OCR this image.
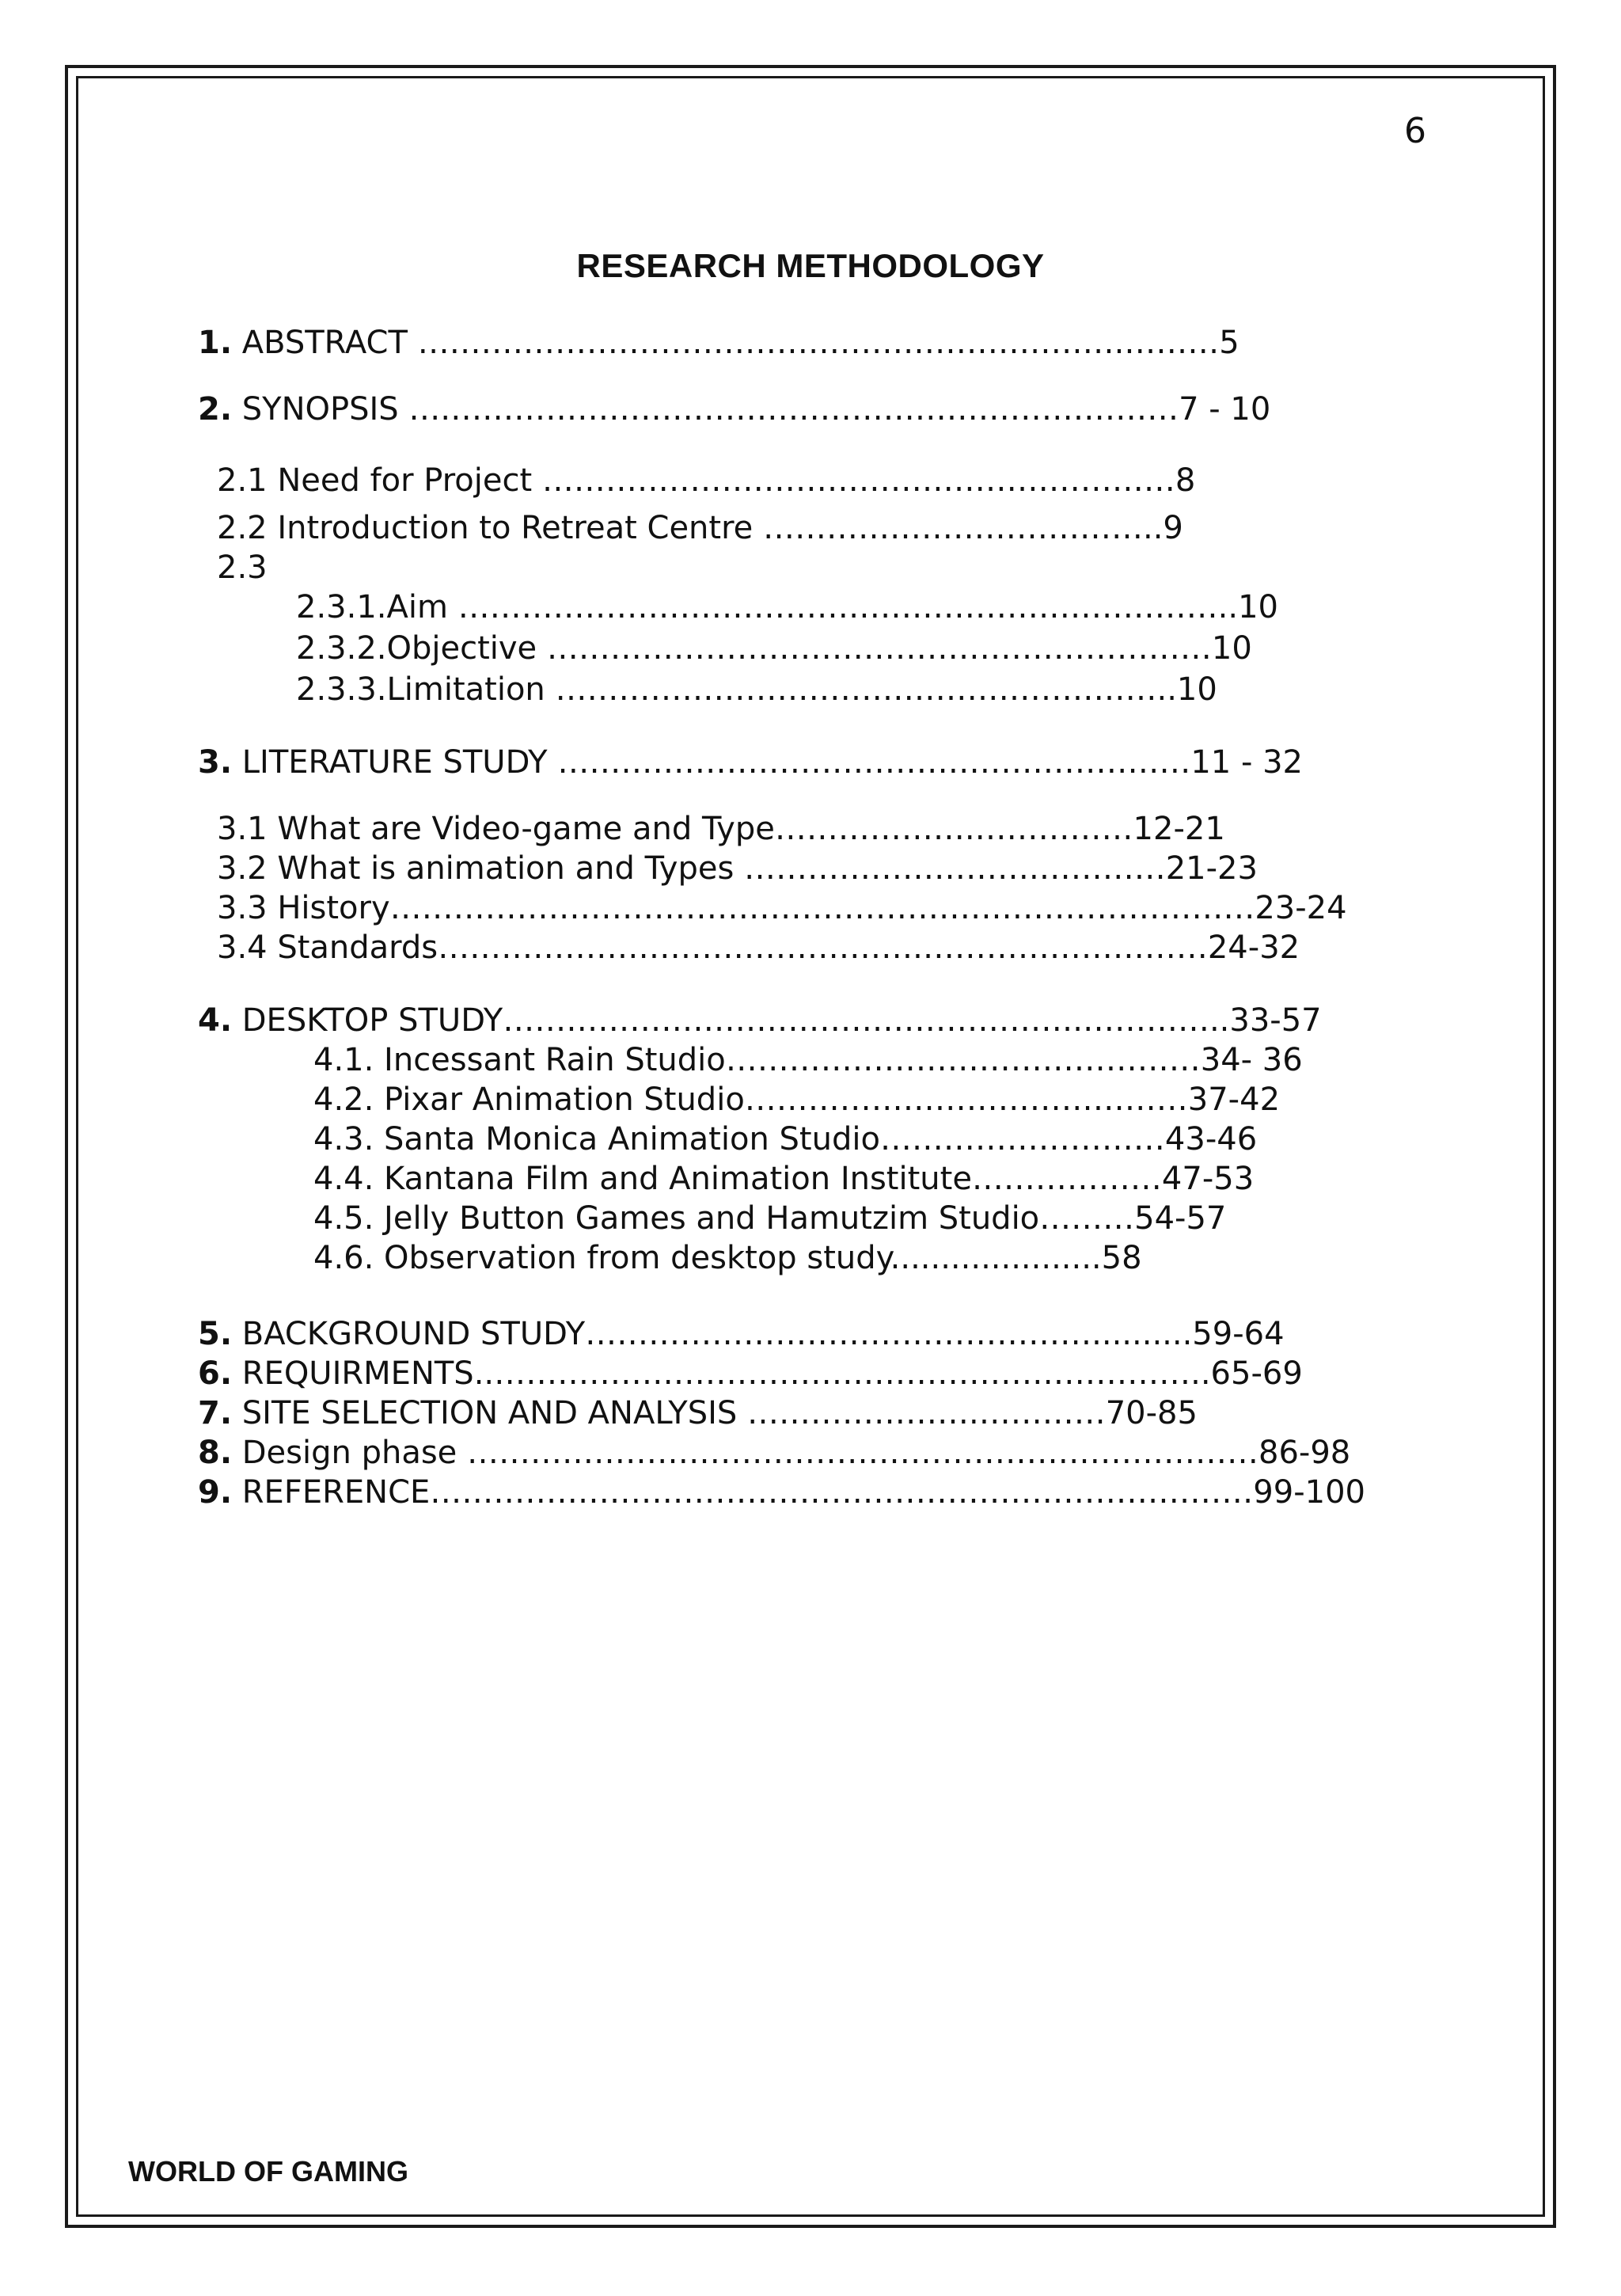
6
RESEARCH METHODOLOGY
1. ABSTRACT ………………………………………………………….………5
2. SYNOPSIS ….……………………………………………………………7 - 10
2.1 Need for Project ……………………………………………………8
2.2 Introduction to Retreat Centre ………………………………..9
2.3
2.3.1.Aim ………………………………………………………………..10
2.3.2.Objective ………………………………………………………10
2.3.3.Limitation …………………………………………………..10
3. LITERATURE STUDY ……………………………………………………11 - 32
3.1 What are Video-game and Type……………….……………12-21
3.2 What is animation and Types ……………………….…………21-23
3.3 History………………………………………………….……………………23-24
3.4 Standards……………………………………….………………………24-32
4. DESKTOP STUDY……………………………………………….…………..33-57
4.1. Incessant Rain Studio………………………………………34- 36
4.2. Pixar Animation Studio……………………………………37-42
4.3. Santa Monica Animation Studio………………………43-46
4.4. Kantana Film and Animation Institute………………47-53
4.5. Jelly Button Games and Hamutzim Studio………54-57
4.6. Observation from desktop study.....................58
5. BACKGROUND STUDY…………………………………………..........59-64
6. REQUIRMENTS..…………………………………………………………..65-69
7. SITE SELECTION AND ANALYSIS ………………….…………70-85
8. Design phase …………………………………………………………………86-98
9. REFERENCE……………………………………………………………………99-100
WORLD OF GAMING
